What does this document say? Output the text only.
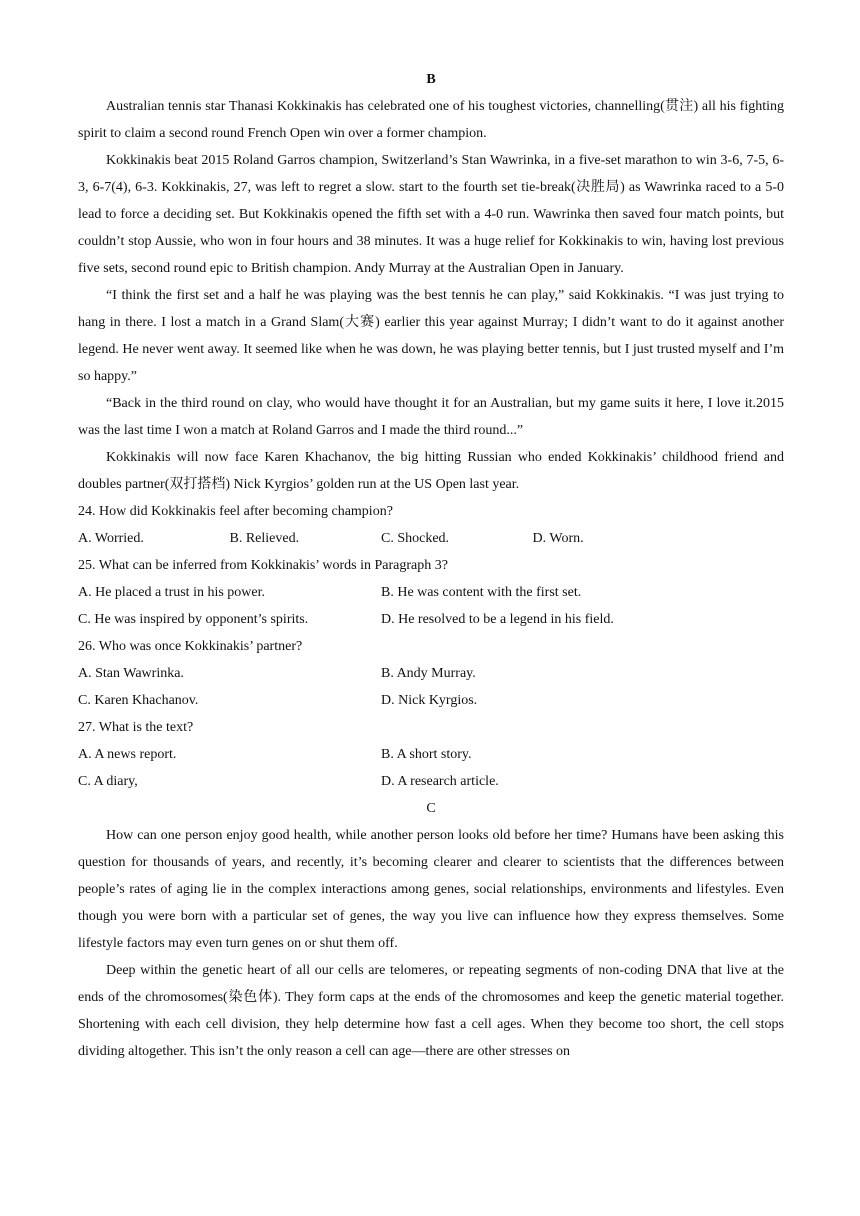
B

Australian tennis star Thanasi Kokkinakis has celebrated one of his toughest victories, channelling(贯注) all his fighting spirit to claim a second round French Open win over a former champion.

Kokkinakis beat 2015 Roland Garros champion, Switzerland’s Stan Wawrinka, in a five-set marathon to win 3-6, 7-5, 6-3, 6-7(4), 6-3. Kokkinakis, 27, was left to regret a slow. start to the fourth set tie-break(决胜局) as Wawrinka raced to a 5-0 lead to force a deciding set. But Kokkinakis opened the fifth set with a 4-0 run. Wawrinka then saved four match points, but couldn’t stop Aussie, who won in four hours and 38 minutes. It was a huge relief for Kokkinakis to win, having lost previous five sets, second round epic to British champion. Andy Murray at the Australian Open in January.

“I think the first set and a half he was playing was the best tennis he can play,” said Kokkinakis. “I was just trying to hang in there. I lost a match in a Grand Slam(大赛) earlier this year against Murray; I didn’t want to do it against another legend. He never went away. It seemed like when he was down, he was playing better tennis, but I just trusted myself and I’m so happy.”

“Back in the third round on clay, who would have thought it for an Australian, but my game suits it here, I love it.2015 was the last time I won a match at Roland Garros and I made the third round...”

Kokkinakis will now face Karen Khachanov, the big hitting Russian who ended Kokkinakis’ childhood friend and doubles partner(双打搭档) Nick Kyrgios’ golden run at the US Open last year.

24. How did Kokkinakis feel after becoming champion?

A. Worried.	B. Relieved.	C. Shocked.	D. Worn.

25. What can be inferred from Kokkinakis’ words in Paragraph 3?

A. He placed a trust in his power.	B. He was content with the first set.
C. He was inspired by opponent’s spirits.	D. He resolved to be a legend in his field.

26. Who was once Kokkinakis’ partner?

A. Stan Wawrinka.	B. Andy Murray.
C. Karen Khachanov.	D. Nick Kyrgios.

27. What is the text?

A. A news report.	B. A short story.
C. A diary,	D. A research article.

C

How can one person enjoy good health, while another person looks old before her time? Humans have been asking this question for thousands of years, and recently, it’s becoming clearer and clearer to scientists that the differences between people’s rates of aging lie in the complex interactions among genes, social relationships, environments and lifestyles. Even though you were born with a particular set of genes, the way you live can influence how they express themselves. Some lifestyle factors may even turn genes on or shut them off.

Deep within the genetic heart of all our cells are telomeres, or repeating segments of non-coding DNA that live at the ends of the chromosomes(染色体). They form caps at the ends of the chromosomes and keep the genetic material together. Shortening with each cell division, they help determine how fast a cell ages. When they become too short, the cell stops dividing altogether. This isn’t the only reason a cell can age—there are other stresses on
